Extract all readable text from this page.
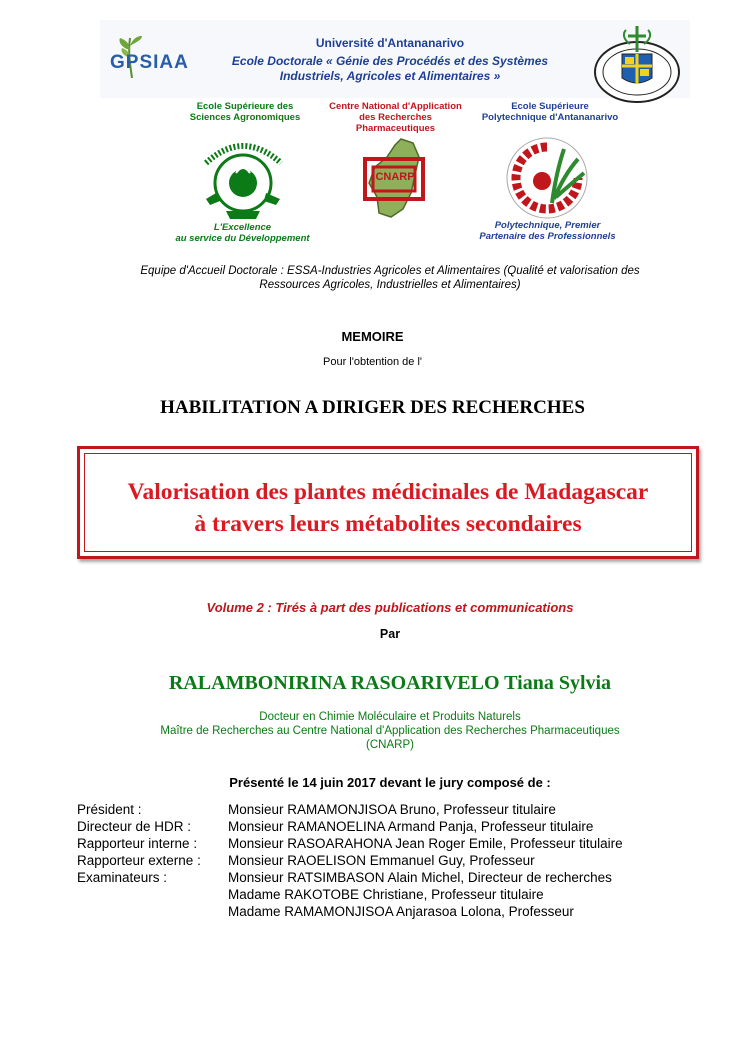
GPSIAA
Université d'Antananarivo
Ecole Doctorale « Génie des Procédés et des Systèmes
Industriels, Agricoles et Alimentaires »
Ecole Supérieure des
Sciences Agronomiques
L'Excellence
au service du Développement
Centre National d'Application
des Recherches
Pharmaceutiques
CNARP
Ecole Supérieure
Polytechnique d'Antananarivo
Polytechnique, Premier
Partenaire des Professionnels
Equipe d'Accueil Doctorale : ESSA-Industries Agricoles et Alimentaires (Qualité et valorisation des
Ressources Agricoles, Industrielles et Alimentaires)
MEMOIRE
Pour l'obtention de l'
HABILITATION A DIRIGER DES RECHERCHES
Valorisation des plantes médicinales de Madagascar
à travers leurs métabolites secondaires
Volume 2 : Tirés à part des publications et communications
Par
RALAMBONIRINA RASOARIVELO Tiana Sylvia
Docteur en Chimie Moléculaire et Produits Naturels
Maître de Recherches au Centre National d'Application des Recherches Pharmaceutiques
(CNARP)
Présenté le 14 juin 2017 devant le jury composé de :
Président :	Monsieur RAMAMONJISOA Bruno, Professeur titulaire
Directeur de HDR :	Monsieur RAMANOELINA Armand Panja, Professeur titulaire
Rapporteur interne : Monsieur RASOARAHONA Jean Roger Emile, Professeur titulaire
Rapporteur externe : Monsieur RAOELISON Emmanuel Guy, Professeur
Examinateurs :	Monsieur RATSIMBASON Alain Michel, Directeur de recherches
Madame RAKOTOBE Christiane, Professeur titulaire
Madame RAMAMONJISOA Anjarasoa Lolona, Professeur
